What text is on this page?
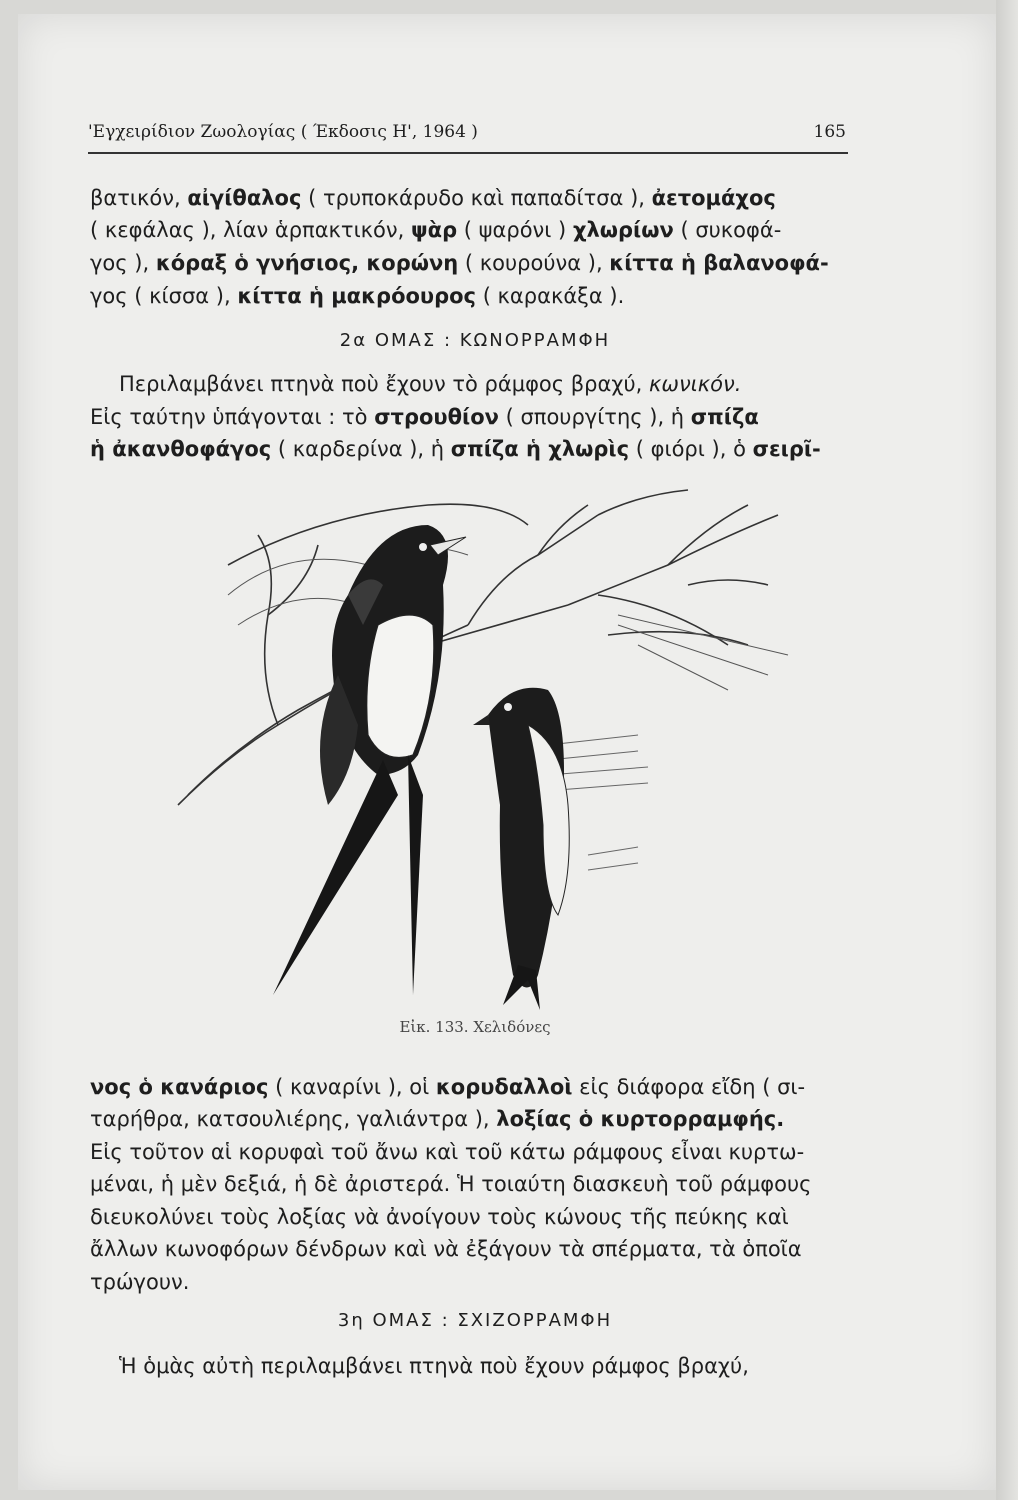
'Εγχειρίδιον Ζωολογίας ( Έκδοσις Η', 1964 )	165
βατικόν, αἰγίθαλος ( τρυποκάρυδο καὶ παπαδίτσα ), ἀετομάχος
( κεφάλας ), λίαν ἁρπακτικόν, ψὰρ ( ψαρόνι ) χλωρίων ( συκοφά-
γος ), κόραξ ὁ γνήσιος, κορώνη ( κουρούνα ), κίττα ἡ βαλανοφά-
γος ( κίσσα ), κίττα ἡ μακρόουρος ( καρακάξα ).
2α ΟΜΑΣ : ΚΩΝΟΡΡΑΜΦΗ
Περιλαμβάνει πτηνὰ ποὺ ἔχουν τὸ ράμφος βραχύ, κωνικόν.
Εἰς ταύτην ὑπάγονται : τὸ στρουθίον ( σπουργίτης ), ἡ σπίζα
ἡ ἀκανθοφάγος ( καρδερίνα ), ἡ σπίζα ἡ χλωρὶς ( φιόρι ), ὁ σειρῖ-
Εἰκ. 133. Χελιδόνες
νος ὁ κανάριος ( καναρίνι ), οἱ κορυδαλλοὶ εἰς διάφορα εἴδη ( σι-
ταρήθρα, κατσουλιέρης, γαλιάντρα ), λοξίας ὁ κυρτορραμφής.
Εἰς τοῦτον αἱ κορυφαὶ τοῦ ἄνω καὶ τοῦ κάτω ράμφους εἶναι κυρτω-
μέναι, ἡ μὲν δεξιά, ἡ δὲ ἀριστερά. Ἡ τοιαύτη διασκευὴ τοῦ ράμφους
διευκολύνει τοὺς λοξίας νὰ ἀνοίγουν τοὺς κώνους τῆς πεύκης καὶ
ἄλλων κωνοφόρων δένδρων καὶ νὰ ἐξάγουν τὰ σπέρματα, τὰ ὁποῖα
τρώγουν.
3η ΟΜΑΣ : ΣΧΙΖΟΡΡΑΜΦΗ
Ἡ ὁμὰς αὐτὴ περιλαμβάνει πτηνὰ ποὺ ἔχουν ράμφος βραχύ,
